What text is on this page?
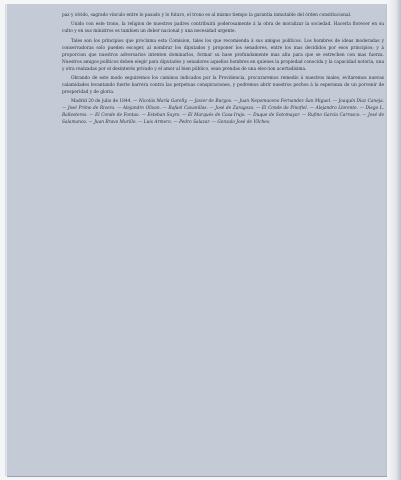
paz y olvido, sagrado vínculo entre lo pasado y lo futuro, el trono es al mismo tiempo la garantía inmutable del órden constitucional.

Unido con este trono, la religion de nuestros padres contribuirá poderosamente á la obra de moralizar la sociedad. Hacerla florecer en su culto y en sus ministros es tambien un deber nacional y una necesidad urgente.

Tales son los principios que proclama esta Comision, tales los que recomienda á sus amigos políticos. Los hombres de ideas moderadas y conservadoras solo pueden escoger, al nombrar los diputados y proponer los senadores, entre los mas decididos por esos principios; y á proporcion que nuestros adversarios intenten dominarlos, formar su base profundamente mas alta para que se estrechen con mas fuerza. Nuestros amigos políticos deben elegir para diputados y senadores aquellos hombres en quienes la propiedad conocida y la capacidad notoria, una y otra realzadas por el desinterés privado y el amor al bien público, sean prendas de una eleccion acertadísima.

Obrando de este modo seguiremos los caminos indicados por la Providencia, procuraremos remedio á nuestros males, evitaremos nuevas calamidades levantando fuerte barrera contra las perpetuas conspiraciones, y podremos abrir nuestros pechos á la esperanza de un porvenir de prosperidad y de gloria.

Madrid 20 de julio de 1844. — Nicolás María Garelly. — Javier de Burgos. — Juan Nepomuceno Fernandez San Miguel. — Joaquín Diaz Caneja. — José Primo de Rivera. — Alejandro Olivan. — Rafael Cavanillas. — José de Zaragoza. — El Conde de Pinofiel. — Alejandro Llorente. — Diego L. Ballesteros. — El Conde de Fontao. — Esteban Sayro. — El Marqués de Casa-Irujo. — Duque de Sotomayor. — Rufino García Carrasco. — José de Salamanca. — Juan Bravo Murillo. — Luis Armero. — Pedro Salazar. — Gonzalo José de Vilches.
